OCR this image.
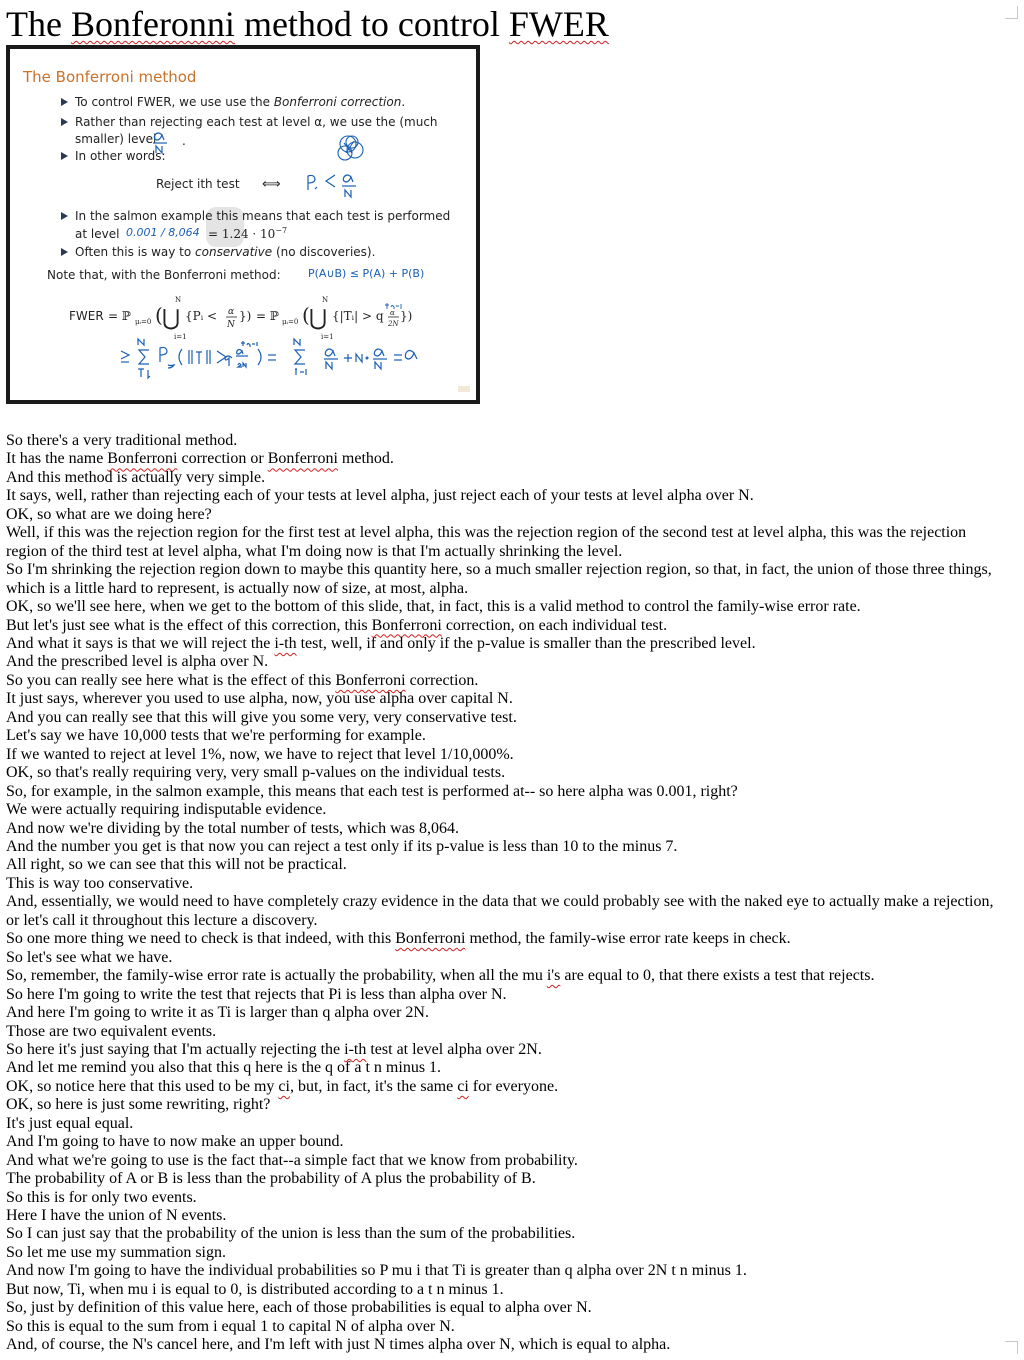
The Bonferonni method to control FWER
The Bonferroni method
To control FWER, we use use the Bonferroni correction.
Rather than rejecting each test at level α, we use the (much
smaller) level .
In other words:
Reject ith test ⟺
In the salmon example this means that each test is performed
at level $0.001 / 8,064 = 1.24 \cdot 10^{-7}$
Often this is way to conservative (no discoveries).
Note that, with the Bonferroni method: P(A∪B) ≤ P(A) + P(B)
FWER = ℙ μᵢ=0 ( ⋃
N
i=1
{Pᵢ < α
N
}) = ℙ μᵢ=0 ( ⋃
N
i=1
{|Tᵢ| > q α
2N
})
So there's a very traditional method.
It has the name Bonferroni correction or Bonferroni method.
And this method is actually very simple.
It says, well, rather than rejecting each of your tests at level alpha, just reject each of your tests at level alpha over N.
OK, so what are we doing here?
Well, if this was the rejection region for the first test at level alpha, this was the rejection region of the second test at level alpha, this was the rejection region of the third test at level alpha, what I'm doing now is that I'm actually shrinking the level.
So I'm shrinking the rejection region down to maybe this quantity here, so a much smaller rejection region, so that, in fact, the union of those three things, which is a little hard to represent, is actually now of size, at most, alpha.
OK, so we'll see here, when we get to the bottom of this slide, that, in fact, this is a valid method to control the family-wise error rate.
But let's just see what is the effect of this correction, this Bonferroni correction, on each individual test.
And what it says is that we will reject the i-th test, well, if and only if the p-value is smaller than the prescribed level.
And the prescribed level is alpha over N.
So you can really see here what is the effect of this Bonferroni correction.
It just says, wherever you used to use alpha, now, you use alpha over capital N.
And you can really see that this will give you some very, very conservative test.
Let's say we have 10,000 tests that we're performing for example.
If we wanted to reject at level 1%, now, we have to reject that level 1/10,000%.
OK, so that's really requiring very, very small p-values on the individual tests.
So, for example, in the salmon example, this means that each test is performed at-- so here alpha was 0.001, right?
We were actually requiring indisputable evidence.
And now we're dividing by the total number of tests, which was 8,064.
And the number you get is that now you can reject a test only if its p-value is less than 10 to the minus 7.
All right, so we can see that this will not be practical.
This is way too conservative.
And, essentially, we would need to have completely crazy evidence in the data that we could probably see with the naked eye to actually make a rejection, or let's call it throughout this lecture a discovery.
So one more thing we need to check is that indeed, with this Bonferroni method, the family-wise error rate keeps in check.
So let's see what we have.
So, remember, the family-wise error rate is actually the probability, when all the mu i's are equal to 0, that there exists a test that rejects.
So here I'm going to write the test that rejects that Pi is less than alpha over N.
And here I'm going to write it as Ti is larger than q alpha over 2N.
Those are two equivalent events.
So here it's just saying that I'm actually rejecting the i-th test at level alpha over 2N.
And let me remind you also that this q here is the q of a t n minus 1.
OK, so notice here that this used to be my ci, but, in fact, it's the same ci for everyone.
OK, so here is just some rewriting, right?
It's just equal equal.
And I'm going to have to now make an upper bound.
And what we're going to use is the fact that--a simple fact that we know from probability.
The probability of A or B is less than the probability of A plus the probability of B.
So this is for only two events.
Here I have the union of N events.
So I can just say that the probability of the union is less than the sum of the probabilities.
So let me use my summation sign.
And now I'm going to have the individual probabilities so P mu i that Ti is greater than q alpha over 2N t n minus 1.
But now, Ti, when mu i is equal to 0, is distributed according to a t n minus 1.
So, just by definition of this value here, each of those probabilities is equal to alpha over N.
So this is equal to the sum from i equal 1 to capital N of alpha over N.
And, of course, the N's cancel here, and I'm left with just N times alpha over N, which is equal to alpha.
